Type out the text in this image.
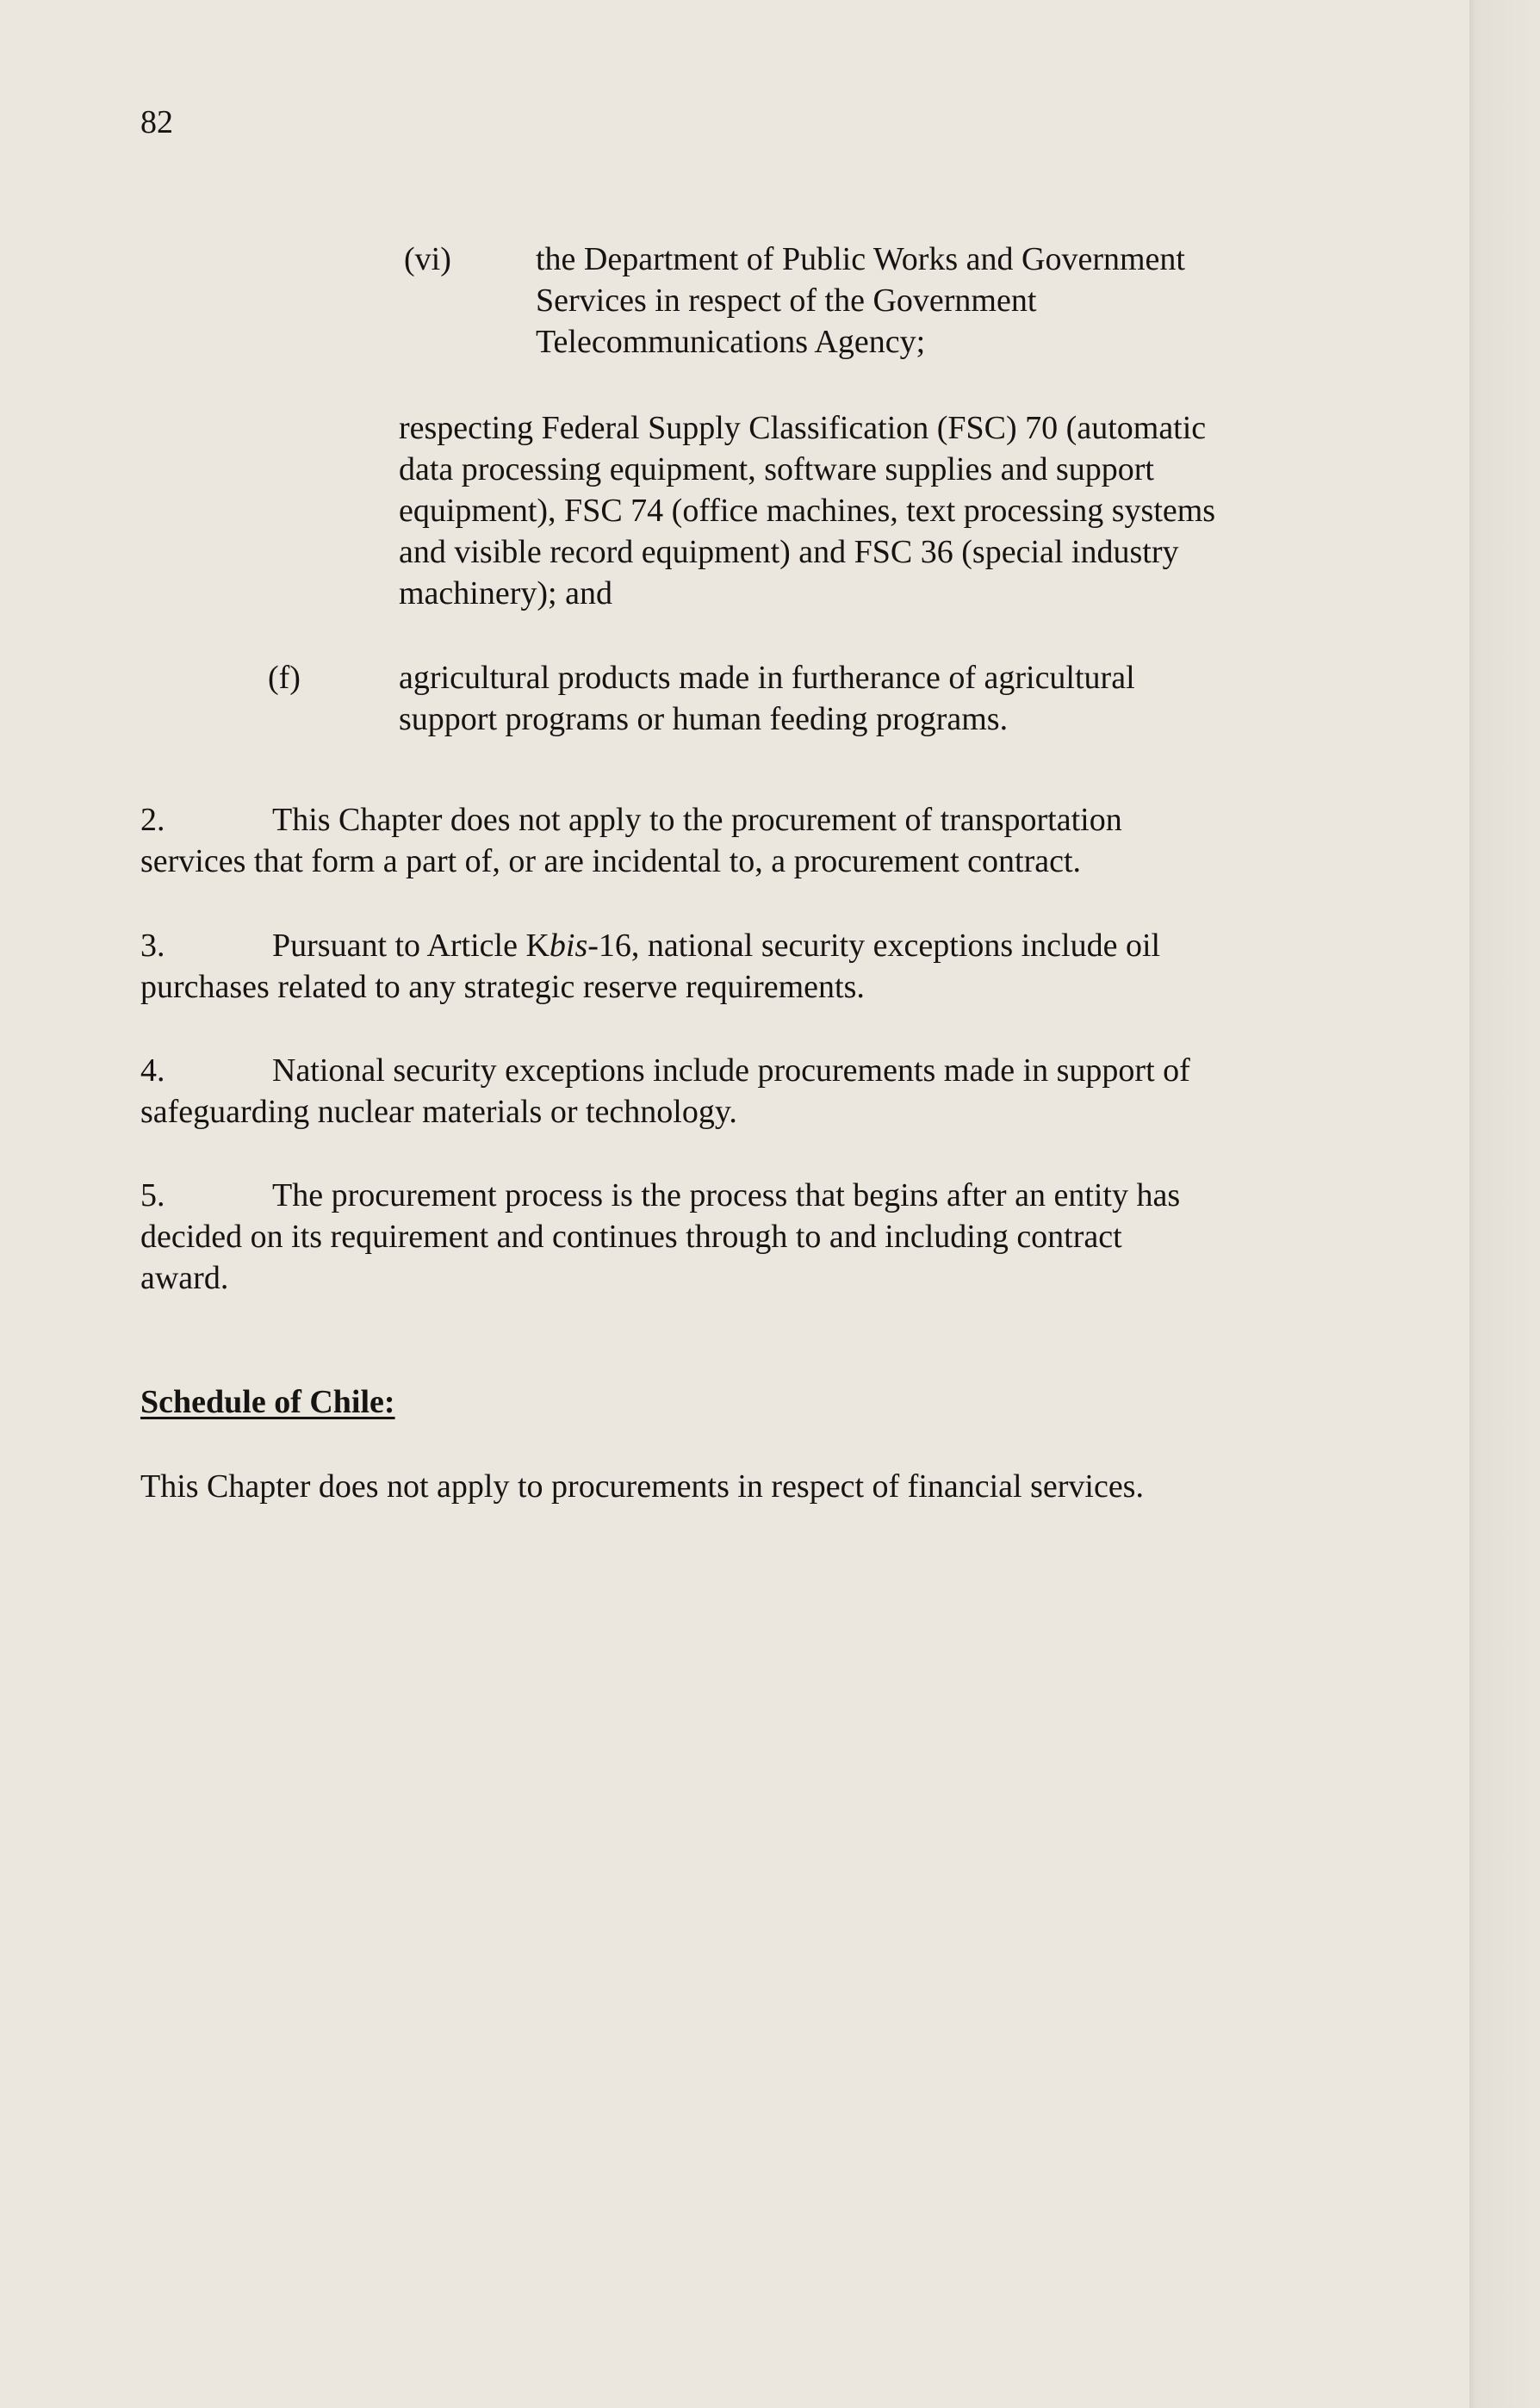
82
(vi)	the Department of Public Works and Government
Services in respect of the Government
Telecommunications Agency;
respecting Federal Supply Classification (FSC) 70 (automatic
data processing equipment, software supplies and support
equipment), FSC 74 (office machines, text processing systems
and visible record equipment) and FSC 36 (special industry
machinery); and
(f)	agricultural products made in furtherance of agricultural
support programs or human feeding programs.
2.	This Chapter does not apply to the procurement of transportation
services that form a part of, or are incidental to, a procurement contract.
3.	Pursuant to Article Kbis-16, national security exceptions include oil
purchases related to any strategic reserve requirements.
4.	National security exceptions include procurements made in support of
safeguarding nuclear materials or technology.
5.	The procurement process is the process that begins after an entity has
decided on its requirement and continues through to and including contract
award.
Schedule of Chile:
This Chapter does not apply to procurements in respect of financial services.
